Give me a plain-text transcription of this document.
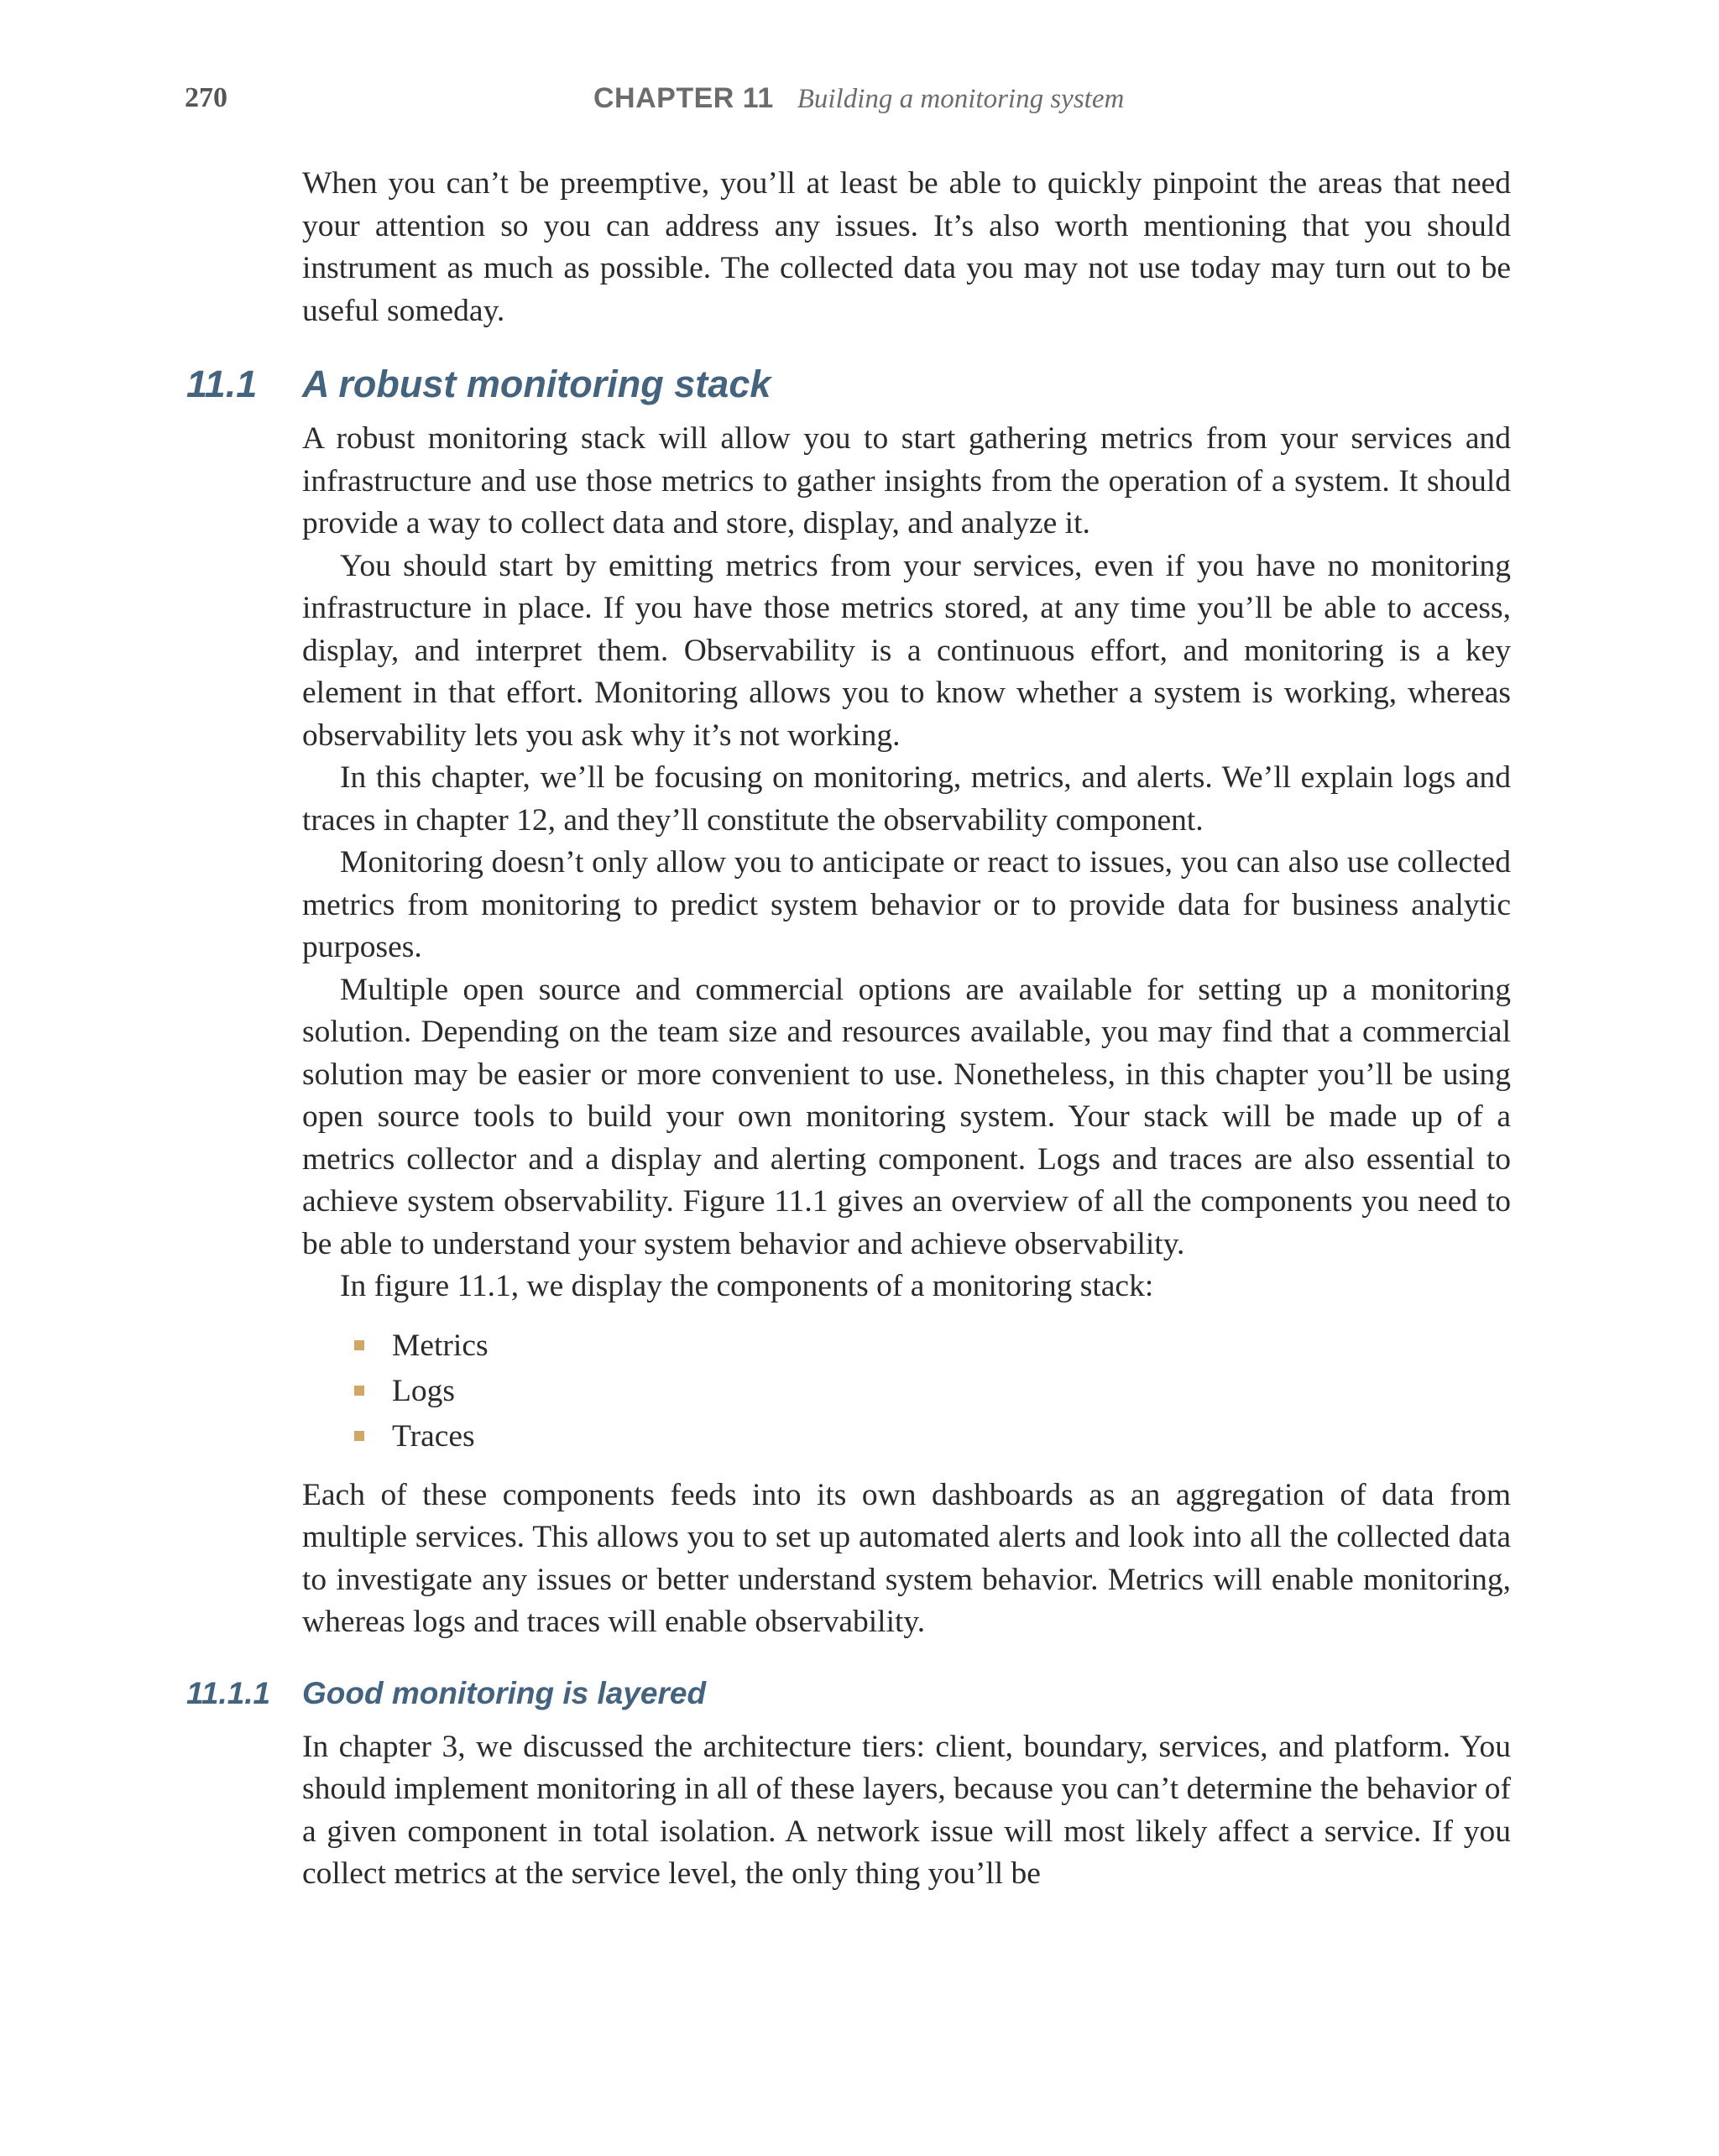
270	CHAPTER 11 Building a monitoring system

When you can’t be preemptive, you’ll at least be able to quickly pinpoint the areas that need your attention so you can address any issues. It’s also worth mentioning that you should instrument as much as possible. The collected data you may not use today may turn out to be useful someday.

11.1 A robust monitoring stack

A robust monitoring stack will allow you to start gathering metrics from your services and infrastructure and use those metrics to gather insights from the operation of a system. It should provide a way to collect data and store, display, and analyze it.

You should start by emitting metrics from your services, even if you have no monitoring infrastructure in place. If you have those metrics stored, at any time you’ll be able to access, display, and interpret them. Observability is a continuous effort, and monitoring is a key element in that effort. Monitoring allows you to know whether a system is working, whereas observability lets you ask why it’s not working.

In this chapter, we’ll be focusing on monitoring, metrics, and alerts. We’ll explain logs and traces in chapter 12, and they’ll constitute the observability component.

Monitoring doesn’t only allow you to anticipate or react to issues, you can also use collected metrics from monitoring to predict system behavior or to provide data for business analytic purposes.

Multiple open source and commercial options are available for setting up a monitoring solution. Depending on the team size and resources available, you may find that a commercial solution may be easier or more convenient to use. Nonetheless, in this chapter you’ll be using open source tools to build your own monitoring system. Your stack will be made up of a metrics collector and a display and alerting component. Logs and traces are also essential to achieve system observability. Figure 11.1 gives an overview of all the components you need to be able to understand your system behavior and achieve observability.

In figure 11.1, we display the components of a monitoring stack:

Metrics
Logs
Traces

Each of these components feeds into its own dashboards as an aggregation of data from multiple services. This allows you to set up automated alerts and look into all the collected data to investigate any issues or better understand system behavior. Metrics will enable monitoring, whereas logs and traces will enable observability.

11.1.1 Good monitoring is layered

In chapter 3, we discussed the architecture tiers: client, boundary, services, and platform. You should implement monitoring in all of these layers, because you can’t determine the behavior of a given component in total isolation. A network issue will most likely affect a service. If you collect metrics at the service level, the only thing you’ll be
